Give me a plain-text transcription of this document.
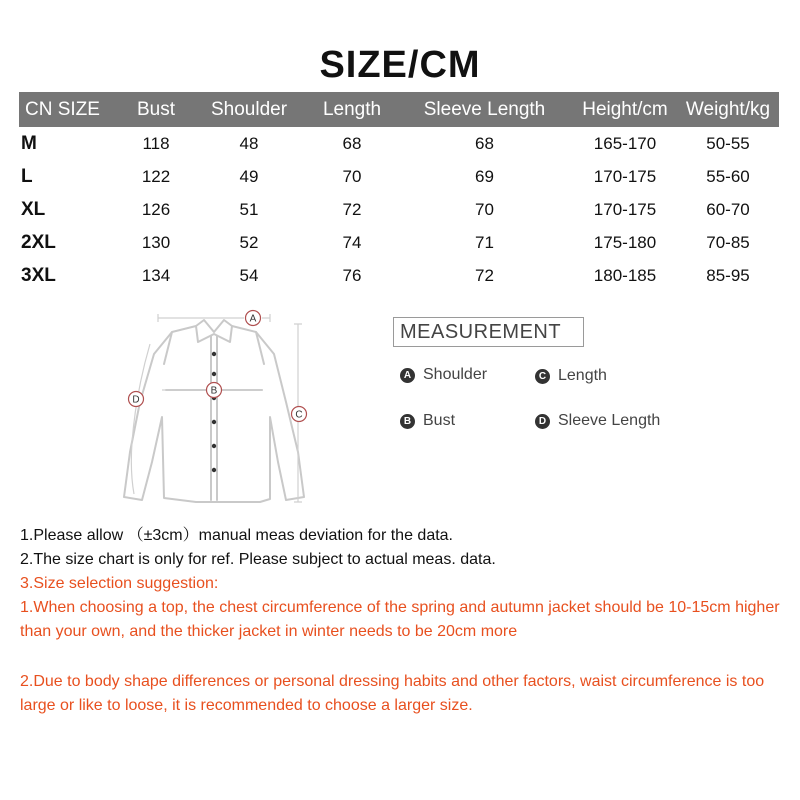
SIZE/CM
CN SIZE	Bust	Shoulder	Length	Sleeve Length	Height/cm	Weight/kg
M	118	48	68	68	165-170	50-55
L	122	49	70	69	170-175	55-60
XL	126	51	72	70	170-175	60-70
2XL	130	52	74	71	175-180	70-85
3XL	134	54	76	72	180-185	85-95
A
B
C
D
MEASUREMENT
A Shoulder	C Length
B Bust	D Sleeve Length

1.Please allow （±3cm）manual meas deviation for the data.

2.The size chart is only for ref. Please subject to actual meas. data.

3.Size selection suggestion:

1.When choosing a top, the chest circumference of the spring and autumn jacket should be 10-15cm higher than your own, and the thicker jacket in winter needs to be 20cm more

2.Due to body shape differences or personal dressing habits and other factors, waist circumference is too large or like to loose, it is recommended to choose a larger size.
